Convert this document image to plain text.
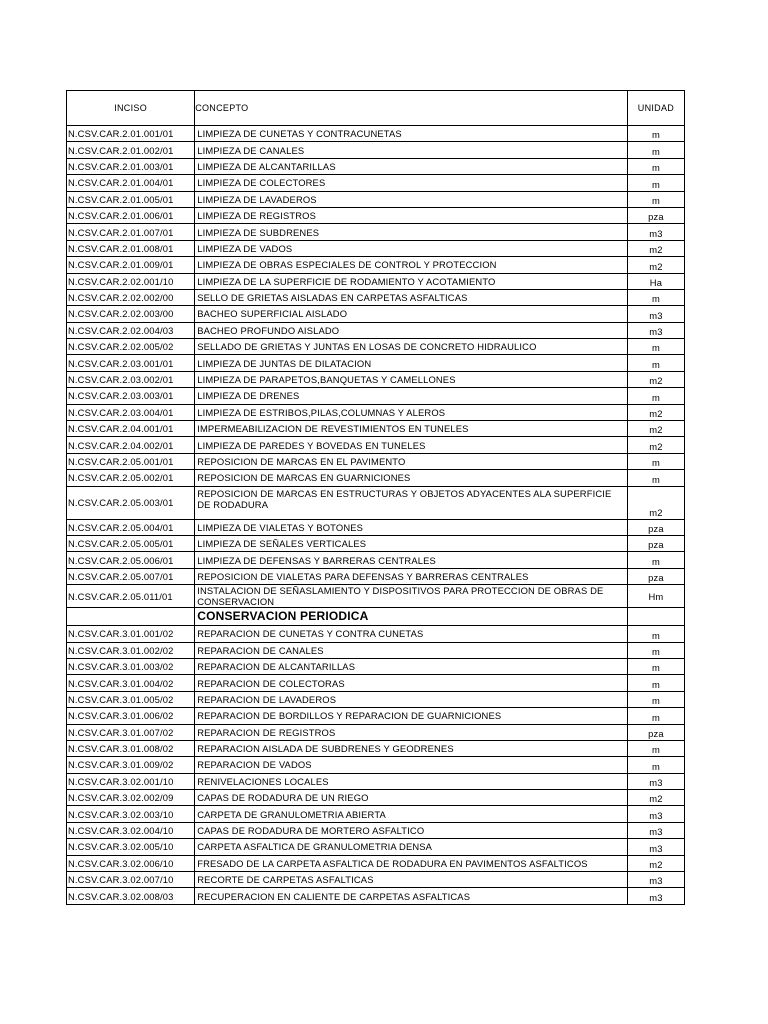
INCISO	CONCEPTO	UNIDAD
N.CSV.CAR.2.01.001/01	LIMPIEZA DE CUNETAS Y CONTRACUNETAS	m
N.CSV.CAR.2.01.002/01	LIMPIEZA DE CANALES	m
N.CSV.CAR.2.01.003/01	LIMPIEZA DE ALCANTARILLAS	m
N.CSV.CAR.2.01.004/01	LIMPIEZA DE COLECTORES	m
N.CSV.CAR.2.01.005/01	LIMPIEZA DE LAVADEROS	m
N.CSV.CAR.2.01.006/01	LIMPIEZA DE REGISTROS	pza
N.CSV.CAR.2.01.007/01	LIMPIEZA DE SUBDRENES	m3
N.CSV.CAR.2.01.008/01	LIMPIEZA DE VADOS	m2
N.CSV.CAR.2.01.009/01	LIMPIEZA DE OBRAS ESPECIALES DE CONTROL Y PROTECCION	m2
N.CSV.CAR.2.02.001/10	LIMPIEZA DE LA SUPERFICIE DE RODAMIENTO Y ACOTAMIENTO	Ha
N.CSV.CAR.2.02.002/00	SELLO DE GRIETAS AISLADAS EN CARPETAS ASFALTICAS	m
N.CSV.CAR.2.02.003/00	BACHEO SUPERFICIAL AISLADO	m3
N.CSV.CAR.2.02.004/03	BACHEO PROFUNDO AISLADO	m3
N.CSV.CAR.2.02.005/02	SELLADO DE GRIETAS Y JUNTAS EN LOSAS DE CONCRETO HIDRAULICO	m
N.CSV.CAR.2.03.001/01	LIMPIEZA DE JUNTAS DE DILATACION	m
N.CSV.CAR.2.03.002/01	LIMPIEZA DE PARAPETOS,BANQUETAS Y CAMELLONES	m2
N.CSV.CAR.2.03.003/01	LIMPIEZA DE DRENES	m
N.CSV.CAR.2.03.004/01	LIMPIEZA DE ESTRIBOS,PILAS,COLUMNAS Y ALEROS	m2
N.CSV.CAR.2.04.001/01	IMPERMEABILIZACION DE REVESTIMIENTOS EN TUNELES	m2
N.CSV.CAR.2.04.002/01	LIMPIEZA DE PAREDES Y BOVEDAS EN TUNELES	m2
N.CSV.CAR.2.05.001/01	REPOSICION DE MARCAS EN EL PAVIMENTO	m
N.CSV.CAR.2.05.002/01	REPOSICION DE MARCAS EN GUARNICIONES	m
N.CSV.CAR.2.05.003/01	REPOSICION DE MARCAS EN ESTRUCTURAS Y OBJETOS ADYACENTES ALA SUPERFICIE DE RODADURA	m2
N.CSV.CAR.2.05.004/01	LIMPIEZA DE VIALETAS Y BOTONES	pza
N.CSV.CAR.2.05.005/01	LIMPIEZA DE SEÑALES VERTICALES	pza
N.CSV.CAR.2.05.006/01	LIMPIEZA DE DEFENSAS Y BARRERAS CENTRALES	m
N.CSV.CAR.2.05.007/01	REPOSICION DE VIALETAS PARA DEFENSAS Y BARRERAS CENTRALES	pza
N.CSV.CAR.2.05.011/01	INSTALACION DE SEÑASLAMIENTO Y DISPOSITIVOS PARA PROTECCION DE OBRAS DE CONSERVACION	Hm
	CONSERVACION PERIODICA	
N.CSV.CAR.3.01.001/02	REPARACION DE CUNETAS Y CONTRA CUNETAS	m
N.CSV.CAR.3.01.002/02	REPARACION DE CANALES	m
N.CSV.CAR.3.01.003/02	REPARACION DE ALCANTARILLAS	m
N.CSV.CAR.3.01.004/02	REPARACION DE COLECTORAS	m
N.CSV.CAR.3.01.005/02	REPARACION DE LAVADEROS	m
N.CSV.CAR.3.01.006/02	REPARACION DE BORDILLOS Y REPARACION DE GUARNICIONES	m
N.CSV.CAR.3.01.007/02	REPARACION DE REGISTROS	pza
N.CSV.CAR.3.01.008/02	REPARACION AISLADA DE SUBDRENES Y GEODRENES	m
N.CSV.CAR.3.01.009/02	REPARACION DE VADOS	m
N.CSV.CAR.3.02.001/10	RENIVELACIONES LOCALES	m3
N.CSV.CAR.3.02.002/09	CAPAS DE RODADURA DE UN RIEGO	m2
N.CSV.CAR.3.02.003/10	CARPETA DE GRANULOMETRIA ABIERTA	m3
N.CSV.CAR.3.02.004/10	CAPAS DE RODADURA DE MORTERO ASFALTICO	m3
N.CSV.CAR.3.02.005/10	CARPETA ASFALTICA DE GRANULOMETRIA DENSA	m3
N.CSV.CAR.3.02.006/10	FRESADO DE LA CARPETA ASFALTICA DE RODADURA EN PAVIMENTOS ASFALTICOS	m2
N.CSV.CAR.3.02.007/10	RECORTE DE CARPETAS ASFALTICAS	m3
N.CSV.CAR.3.02.008/03	RECUPERACION EN CALIENTE DE CARPETAS ASFALTICAS	m3
